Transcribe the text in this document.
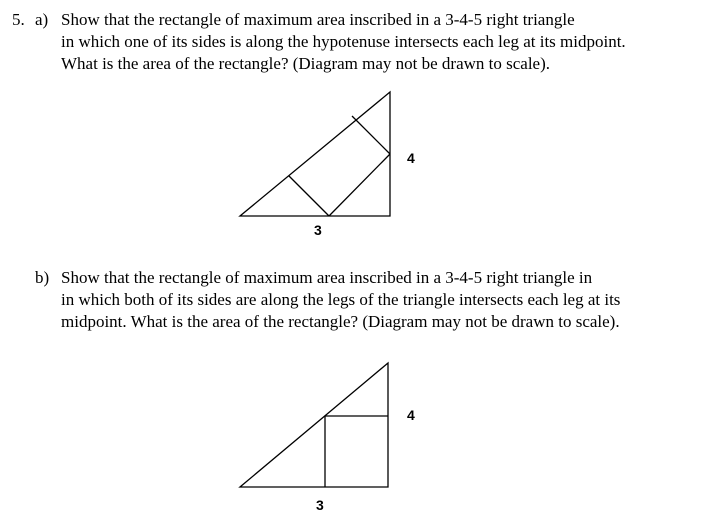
5. a) Show that the rectangle of maximum area inscribed in a 3-4-5 right triangle
in which one of its sides is along the hypotenuse intersects each leg at its midpoint.
What is the area of the rectangle? (Diagram may not be drawn to scale).
3
4
b) Show that the rectangle of maximum area inscribed in a 3-4-5 right triangle in
in which both of its sides are along the legs of the triangle intersects each leg at its
midpoint. What is the area of the rectangle? (Diagram may not be drawn to scale).
3
4
